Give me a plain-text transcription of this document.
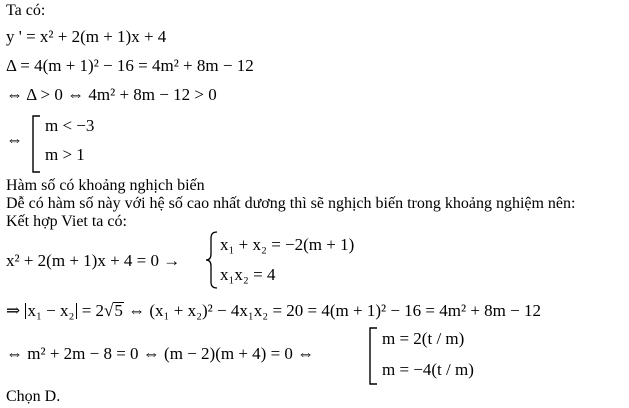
Ta có:
y ' = x² + 2(m + 1)x + 4
Δ = 4(m + 1)² − 16 = 4m² + 8m − 12
⇔ Δ > 0 ⇔ 4m² + 8m − 12 > 0
⇔
m < −3
m > 1
Hàm số có khoảng nghịch biến
Dễ có hàm số này với hệ số cao nhất dương thì sẽ nghịch biến trong khoảng nghiệm nên:
Kết hợp Viet ta có:
x² + 2(m + 1)x + 4 = 0 →
x₁ + x₂ = −2(m + 1)
x₁x₂ = 4
⇒ x₁ − x₂ = 2√5 ⇔ (x₁ + x₂)² − 4x₁x₂ = 20 = 4(m + 1)² − 16 = 4m² + 8m − 12
⇔ m² + 2m − 8 = 0 ⇔ (m − 2)(m + 4) = 0 ⇔
m = 2(t / m)
m = −4(t / m)
Chọn D.
